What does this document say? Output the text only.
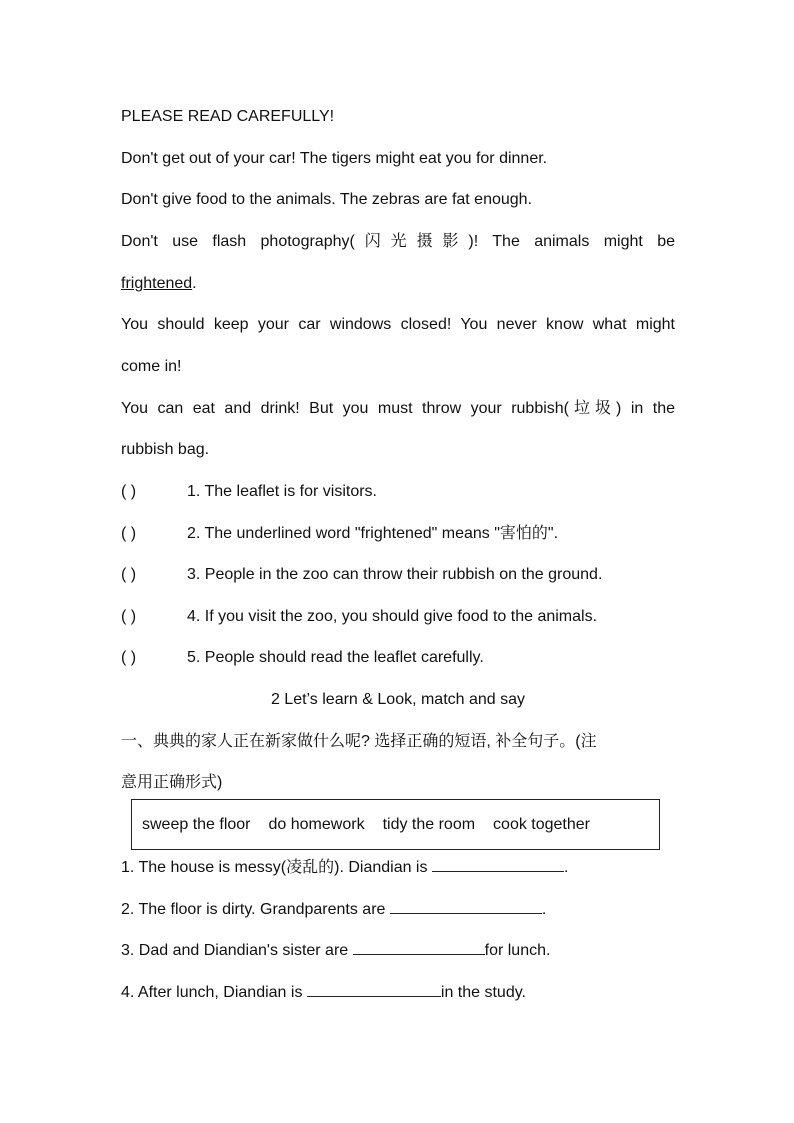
PLEASE READ CAREFULLY!
Don't get out of your car! The tigers might eat you for dinner.
Don't give food to the animals. The zebras are fat enough.
Don't use flash photography(闪光摄影)! The animals might be
frightened.
You should keep your car windows closed! You never know what might
come in!
You can eat and drink! But you must throw your rubbish(垃圾) in the
rubbish bag.
( )	1. The leaflet is for visitors.
( )	2. The underlined word "frightened" means "害怕的".
( )	3. People in the zoo can throw their rubbish on the ground.
( )	4. If you visit the zoo, you should give food to the animals.
( )	5. People should read the leaflet carefully.
2 Let’s learn & Look, match and say
一、典典的家人正在新家做什么呢? 选择正确的短语, 补全句子。(注
意用正确形式)
sweep the floor do homework tidy the room cook together
1. The house is messy(凌乱的). Diandian is	.
2. The floor is dirty. Grandparents are	.
3. Dad and Diandian's sister are	for lunch.
4. After lunch, Diandian is	in the study.
